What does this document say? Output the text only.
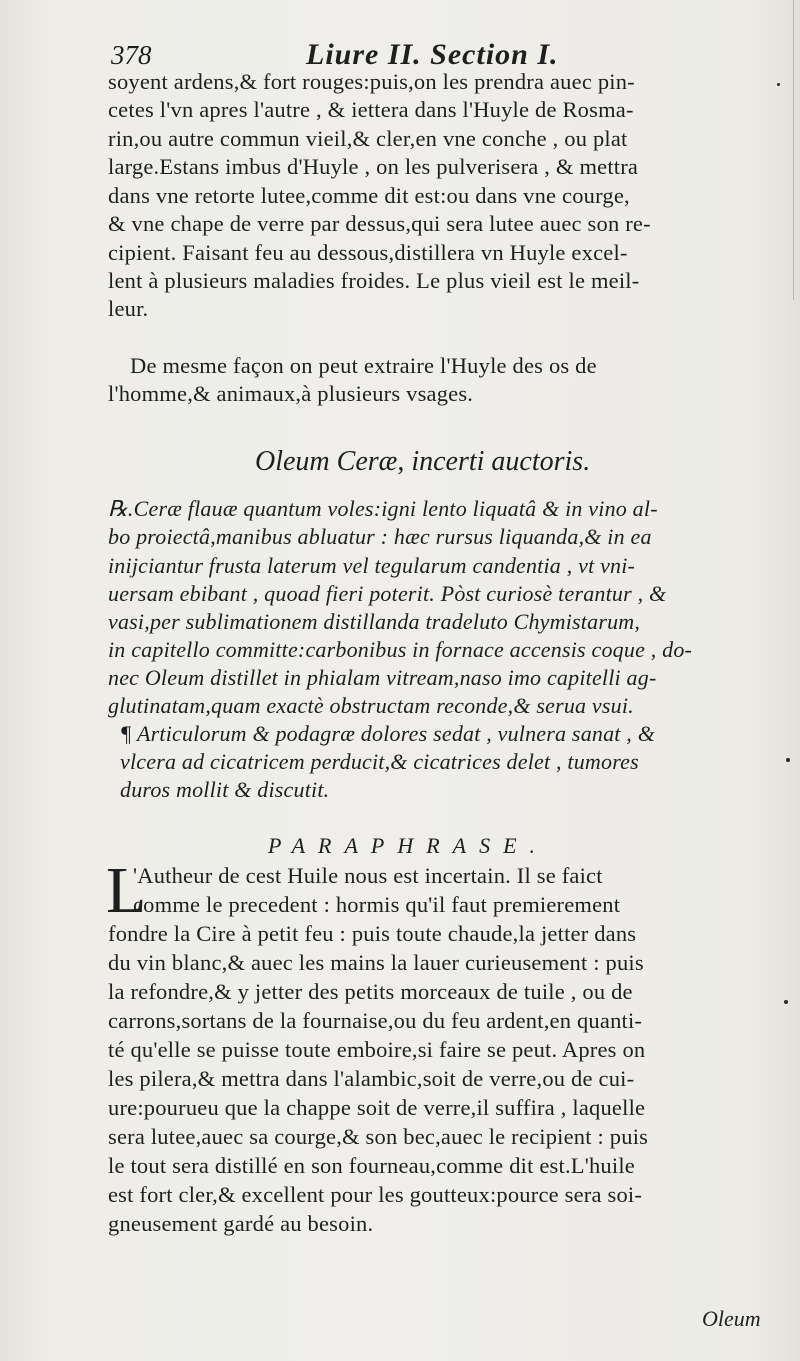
378	Liure II. Section I.
soyent ardens,& fort rouges:puis,on les prendra auec pin-
cetes l'vn apres l'autre , & iettera dans l'Huyle de Rosma-
rin,ou autre commun vieil,& cler,en vne conche , ou plat
large.Estans imbus d'Huyle , on les pulverisera , & mettra
dans vne retorte lutee,comme dit est:ou dans vne courge,
& vne chape de verre par dessus,qui sera lutee auec son re-
cipient. Faisant feu au dessous,distillera vn Huyle excel-
lent à plusieurs maladies froides. Le plus vieil est le meil-
leur.
De mesme façon on peut extraire l'Huyle des os de
l'homme,& animaux,à plusieurs vsages.
℞.Ceræ flauæ quantum voles:igni lento liquatâ & in vino al-
bo proiectâ,manibus abluatur : hæc rursus liquanda,& in ea
inijciantur frusta laterum vel tegularum candentia , vt vni-
uersam ebibant , quoad fieri poterit. Pòst curiosè terantur , &
vasi,per sublimationem distillanda tradeluto Chymistarum,
in capitello committe:carbonibus in fornace accensis coque , do-
nec Oleum distillet in phialam vitream,naso imo capitelli ag-
glutinatam,quam exactè obstructam reconde,& serua vsui.
¶ Articulorum & podagræ dolores sedat , vulnera sanat , &
vlcera ad cicatricem perducit,& cicatrices delet , tumores
duros mollit & discutit.
'Autheur de cest Huile nous est incertain. Il se faict
comme le precedent : hormis qu'il faut premierement
fondre la Cire à petit feu : puis toute chaude,la jetter dans
du vin blanc,& auec les mains la lauer curieusement : puis
la refondre,& y jetter des petits morceaux de tuile , ou de
carrons,sortans de la fournaise,ou du feu ardent,en quanti-
té qu'elle se puisse toute emboire,si faire se peut. Apres on
les pilera,& mettra dans l'alambic,soit de verre,ou de cui-
ure:pourueu que la chappe soit de verre,il suffira , laquelle
sera lutee,auec sa courge,& son bec,auec le recipient : puis
le tout sera distillé en son fourneau,comme dit est.L'huile
est fort cler,& excellent pour les goutteux:pource sera soi-
gneusement gardé au besoin.
Oleum Ceræ, incerti auctoris.
PARAPHRASE.
L
Oleum
